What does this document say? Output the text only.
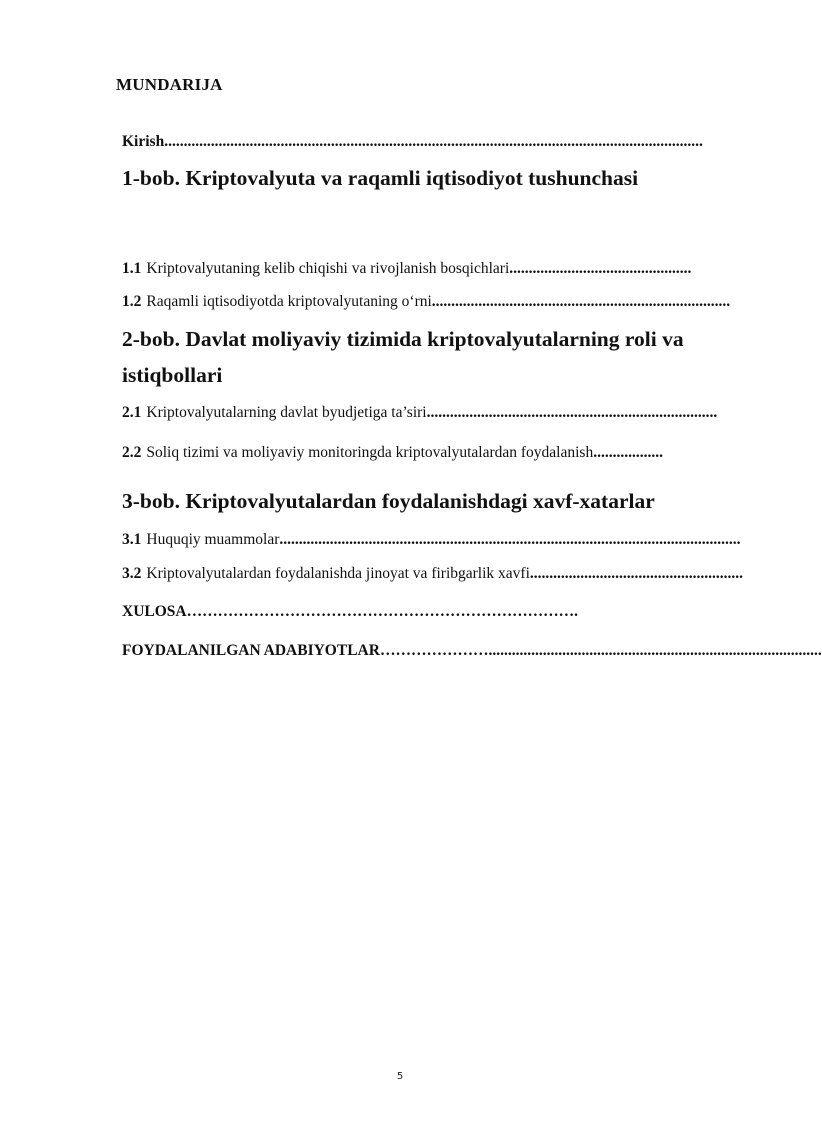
MUNDARIJA
Kirish ...........................................................................................................................................
1-bob. Kriptovalyuta va raqamli iqtisodiyot tushunchasi
1.1 Kriptovalyutaning kelib chiqishi va rivojlanish bosqichlari ...............................................
1.2 Raqamli iqtisodiyotda kriptovalyutaning o‘rni .............................................................................
2-bob. Davlat moliyaviy tizimida kriptovalyutalarning roli va istiqbollari
2.1 Kriptovalyutalarning davlat byudjetiga ta’siri ...........................................................................
2.2 Soliq tizimi va moliyaviy monitoringda kriptovalyutalardan foydalanish ..................
3-bob. Kriptovalyutalardan foydalanishdagi xavf-xatarlar
3.1 Huquqiy muammolar .......................................................................................................................
3.2 Kriptovalyutalardan foydalanishda jinoyat va firibgarlik xavfi .......................................................
XULOSA ………………………………………………………………….
FOYDALANILGAN ADABIYOTLAR …………………......................................................................................
5
